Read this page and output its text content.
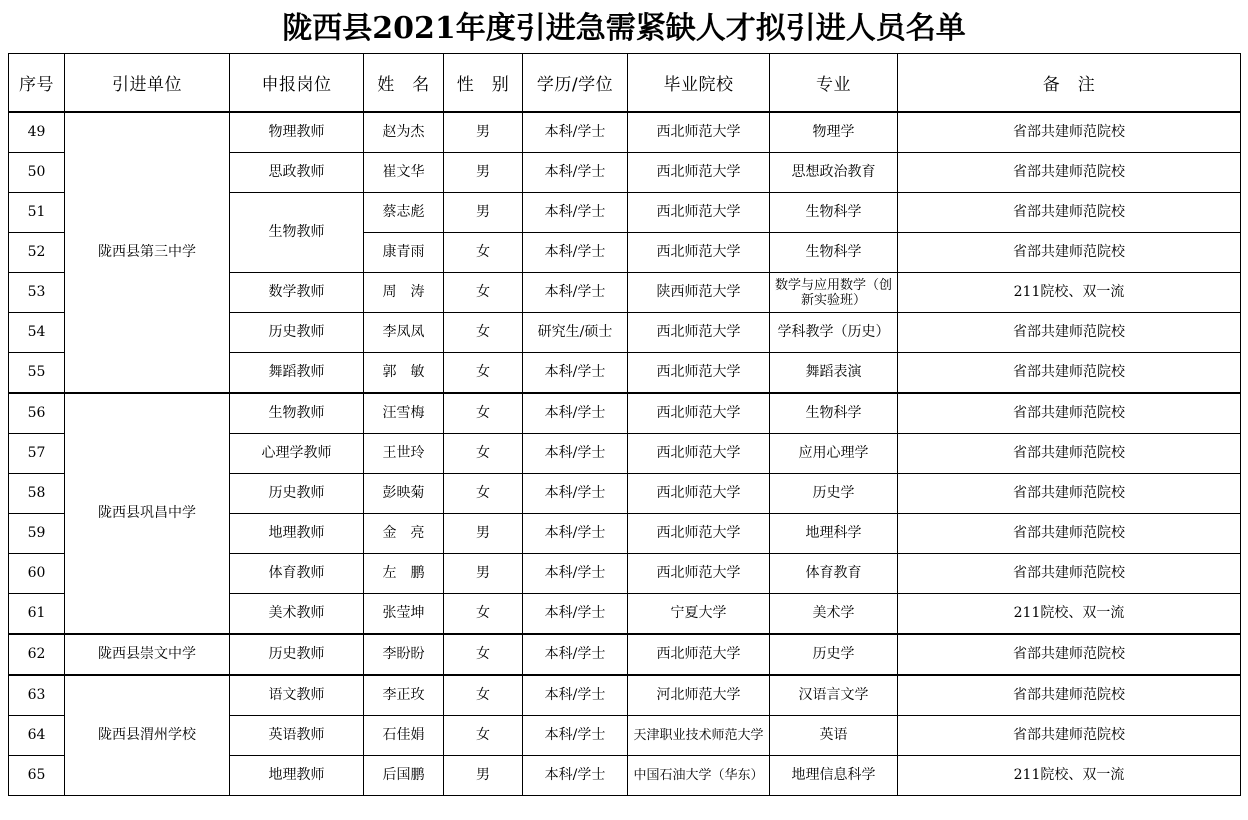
陇西县2021年度引进急需紧缺人才拟引进人员名单
序号	引进单位	申报岗位	姓　名	性　别	学历/学位	毕业院校	专业	备　注
49	陇西县第三中学	物理教师	赵为杰	男	本科/学士	西北师范大学	物理学	省部共建师范院校
50		思政教师	崔文华	男	本科/学士	西北师范大学	思想政治教育	省部共建师范院校
51		生物教师	蔡志彪	男	本科/学士	西北师范大学	生物科学	省部共建师范院校
52			康青雨	女	本科/学士	西北师范大学	生物科学	省部共建师范院校
53		数学教师	周　涛	女	本科/学士	陕西师范大学	数学与应用数学（创新实验班）	211院校、双一流
54		历史教师	李凤凤	女	研究生/硕士	西北师范大学	学科教学（历史）	省部共建师范院校
55		舞蹈教师	郭　敏	女	本科/学士	西北师范大学	舞蹈表演	省部共建师范院校
56	陇西县巩昌中学	生物教师	汪雪梅	女	本科/学士	西北师范大学	生物科学	省部共建师范院校
57		心理学教师	王世玲	女	本科/学士	西北师范大学	应用心理学	省部共建师范院校
58		历史教师	彭映菊	女	本科/学士	西北师范大学	历史学	省部共建师范院校
59		地理教师	金　亮	男	本科/学士	西北师范大学	地理科学	省部共建师范院校
60		体育教师	左　鹏	男	本科/学士	西北师范大学	体育教育	省部共建师范院校
61		美术教师	张莹坤	女	本科/学士	宁夏大学	美术学	211院校、双一流
62	陇西县崇文中学	历史教师	李盼盼	女	本科/学士	西北师范大学	历史学	省部共建师范院校
63	陇西县渭州学校	语文教师	李正玫	女	本科/学士	河北师范大学	汉语言文学	省部共建师范院校
64		英语教师	石佳娟	女	本科/学士	天津职业技术师范大学	英语	省部共建师范院校
65		地理教师	后国鹏	男	本科/学士	中国石油大学（华东）	地理信息科学	211院校、双一流
